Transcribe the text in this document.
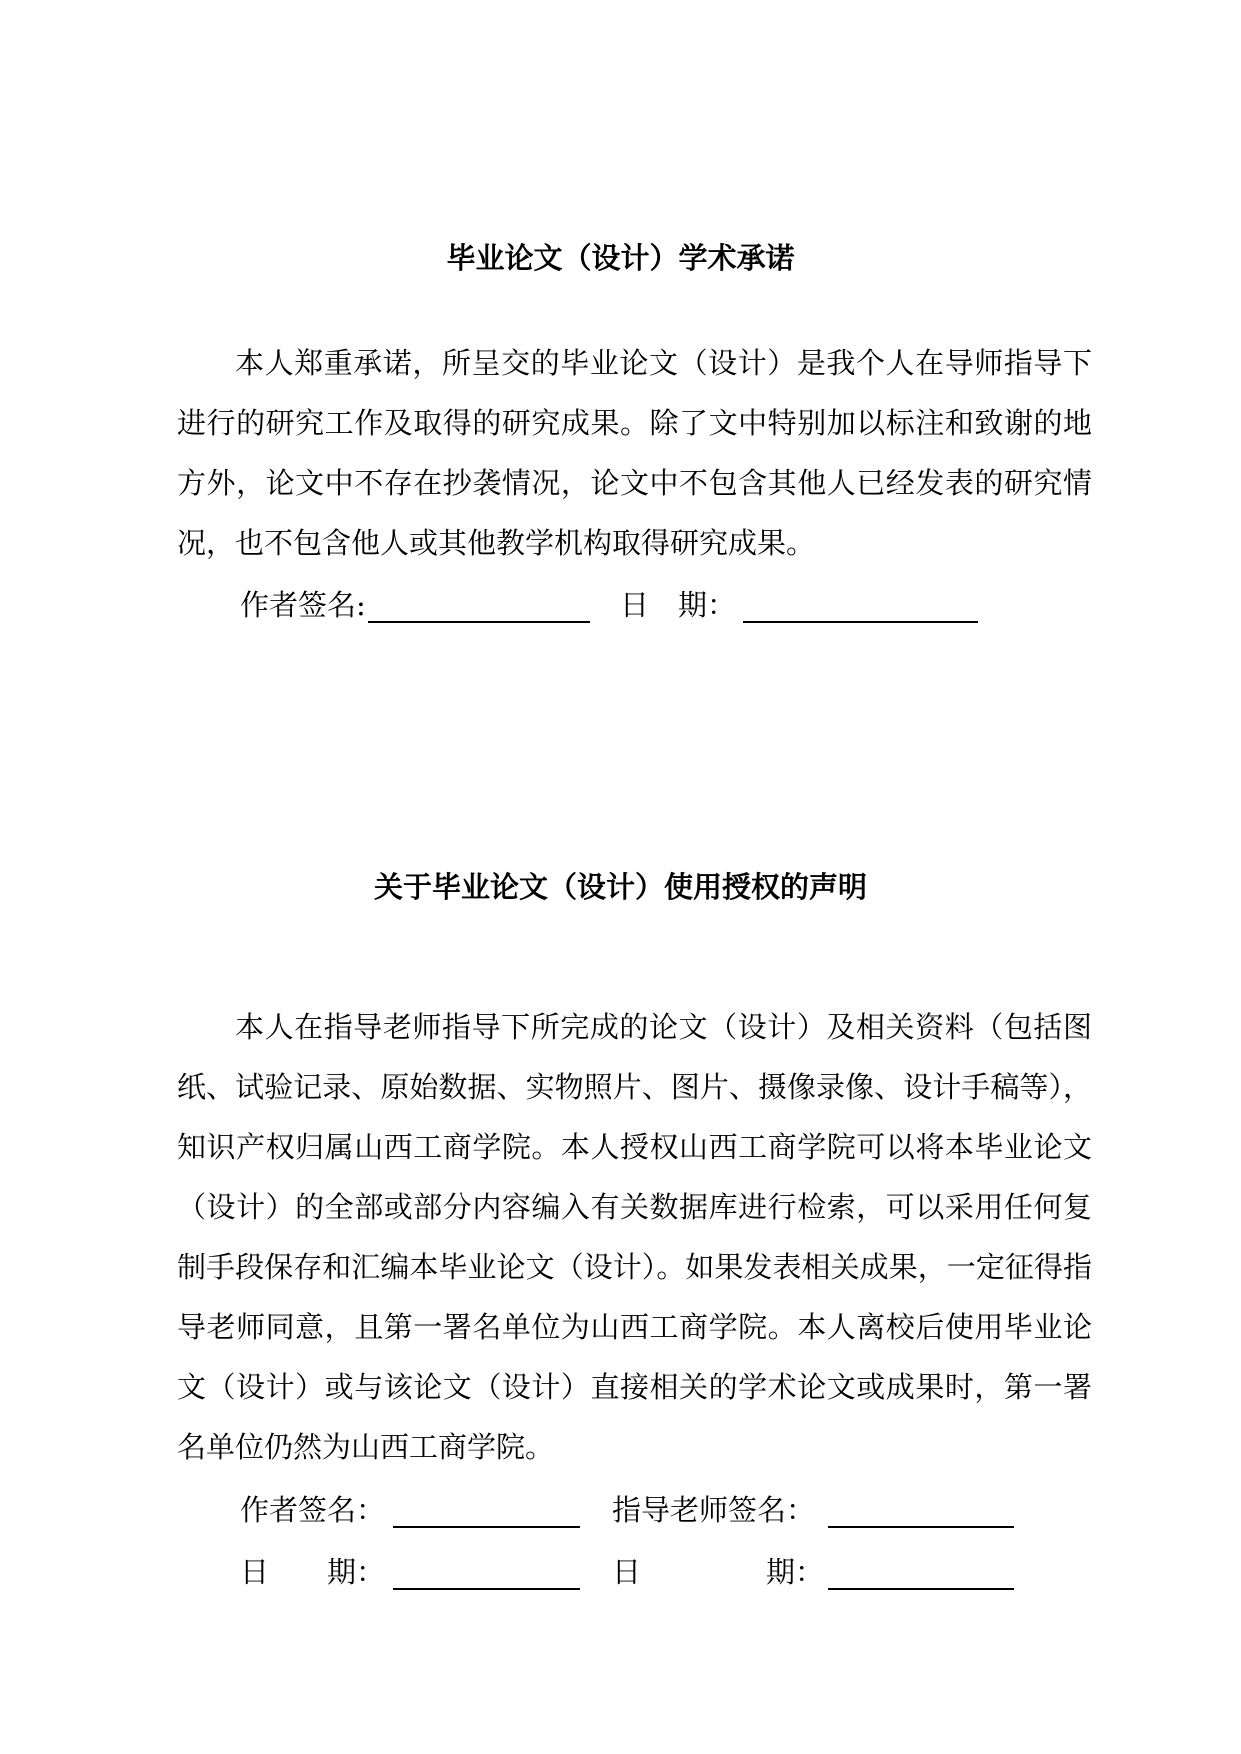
毕业论文（设计）学术承诺

本人郑重承诺，所呈交的毕业论文（设计）是我个人在导师指导下进行的研究工作及取得的研究成果。除了文中特别加以标注和致谢的地方外，论文中不存在抄袭情况，论文中不包含其他人已经发表的研究情况，也不包含他人或其他教学机构取得研究成果。

作者签名:	日　期：
关于毕业论文（设计）使用授权的声明

本人在指导老师指导下所完成的论文（设计）及相关资料（包括图纸、试验记录、原始数据、实物照片、图片、摄像录像、设计手稿等），知识产权归属山西工商学院。本人授权山西工商学院可以将本毕业论文（设计）的全部或部分内容编入有关数据库进行检索，可以采用任何复制手段保存和汇编本毕业论文（设计）。如果发表相关成果，一定征得指导老师同意，且第一署名单位为山西工商学院。本人离校后使用毕业论文（设计）或与该论文（设计）直接相关的学术论文或成果时，第一署名单位仍然为山西工商学院。

作者签名：	指导老师签名：
日　　期：	日	期：
